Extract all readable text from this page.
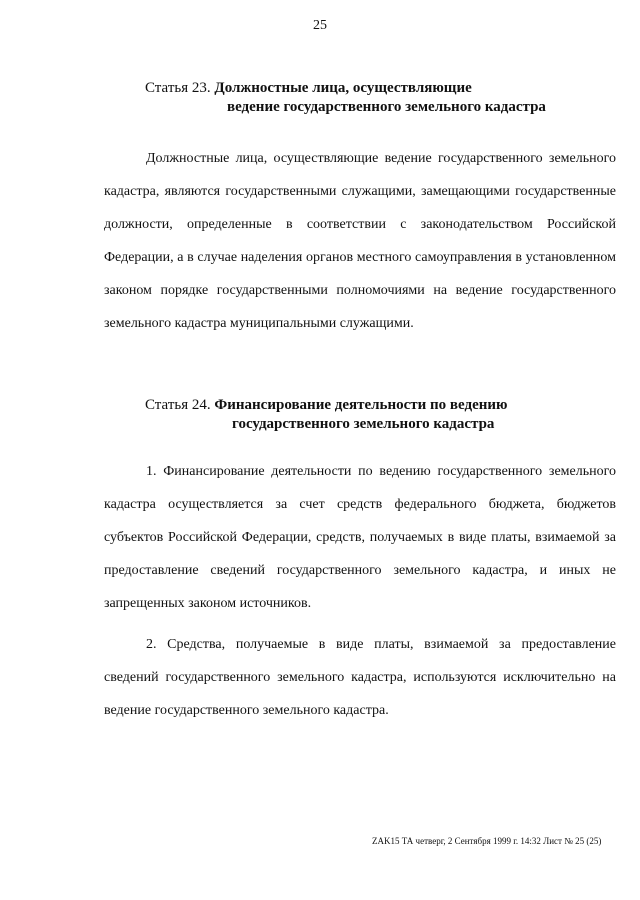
25
Статья 23. Должностные лица, осуществляющие
ведение государственного земельного кадастра
Должностные лица, осуществляющие ведение государственного земельного кадастра, являются государственными служащими, замещающими государственные должности, определенные в соответствии с законодательством Российской Федерации, а в случае наделения органов местного самоуправления в установленном законом порядке государственными полномочиями на ведение государственного земельного кадастра муниципальными служащими.
Статья 24. Финансирование деятельности по ведению
государственного земельного кадастра
1. Финансирование деятельности по ведению государственного земельного кадастра осуществляется за счет средств федерального бюджета, бюджетов субъектов Российской Федерации, средств, получаемых в виде платы, взимаемой за предоставление сведений государственного земельного кадастра, и иных не запрещенных законом источников.
2. Средства, получаемые в виде платы, взимаемой за предоставление сведений государственного земельного кадастра, используются исключительно на ведение государственного земельного кадастра.
ZAK15 ТА четверг, 2 Сентября 1999 г. 14:32 Лист № 25 (25)
